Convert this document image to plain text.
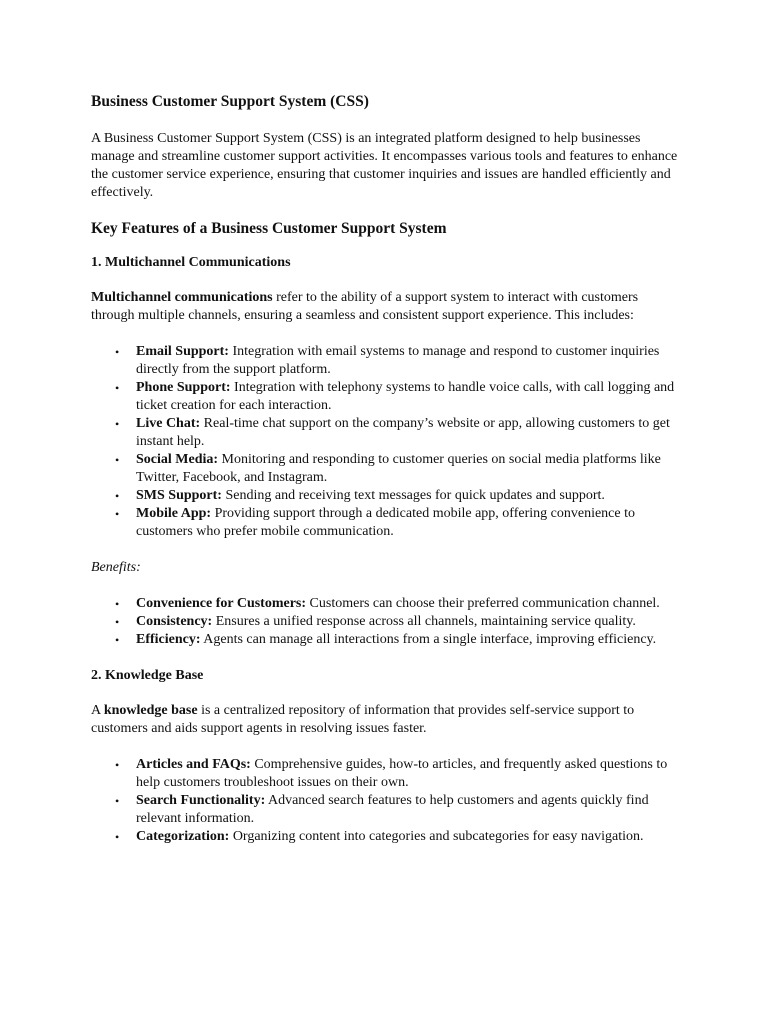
Business Customer Support System (CSS)

A Business Customer Support System (CSS) is an integrated platform designed to help businesses manage and streamline customer support activities. It encompasses various tools and features to enhance the customer service experience, ensuring that customer inquiries and issues are handled efficiently and effectively.

Key Features of a Business Customer Support System
1. Multichannel Communications

Multichannel communications refer to the ability of a support system to interact with customers through multiple channels, ensuring a seamless and consistent support experience. This includes:

• Email Support: Integration with email systems to manage and respond to customer inquiries directly from the support platform.
• Phone Support: Integration with telephony systems to handle voice calls, with call logging and ticket creation for each interaction.
• Live Chat: Real-time chat support on the company’s website or app, allowing customers to get instant help.
• Social Media: Monitoring and responding to customer queries on social media platforms like Twitter, Facebook, and Instagram.
• SMS Support: Sending and receiving text messages for quick updates and support.
• Mobile App: Providing support through a dedicated mobile app, offering convenience to customers who prefer mobile communication.

Benefits:

• Convenience for Customers: Customers can choose their preferred communication channel.
• Consistency: Ensures a unified response across all channels, maintaining service quality.
• Efficiency: Agents can manage all interactions from a single interface, improving efficiency.
2. Knowledge Base

A knowledge base is a centralized repository of information that provides self-service support to customers and aids support agents in resolving issues faster.

• Articles and FAQs: Comprehensive guides, how-to articles, and frequently asked questions to help customers troubleshoot issues on their own.
• Search Functionality: Advanced search features to help customers and agents quickly find relevant information.
• Categorization: Organizing content into categories and subcategories for easy navigation.
